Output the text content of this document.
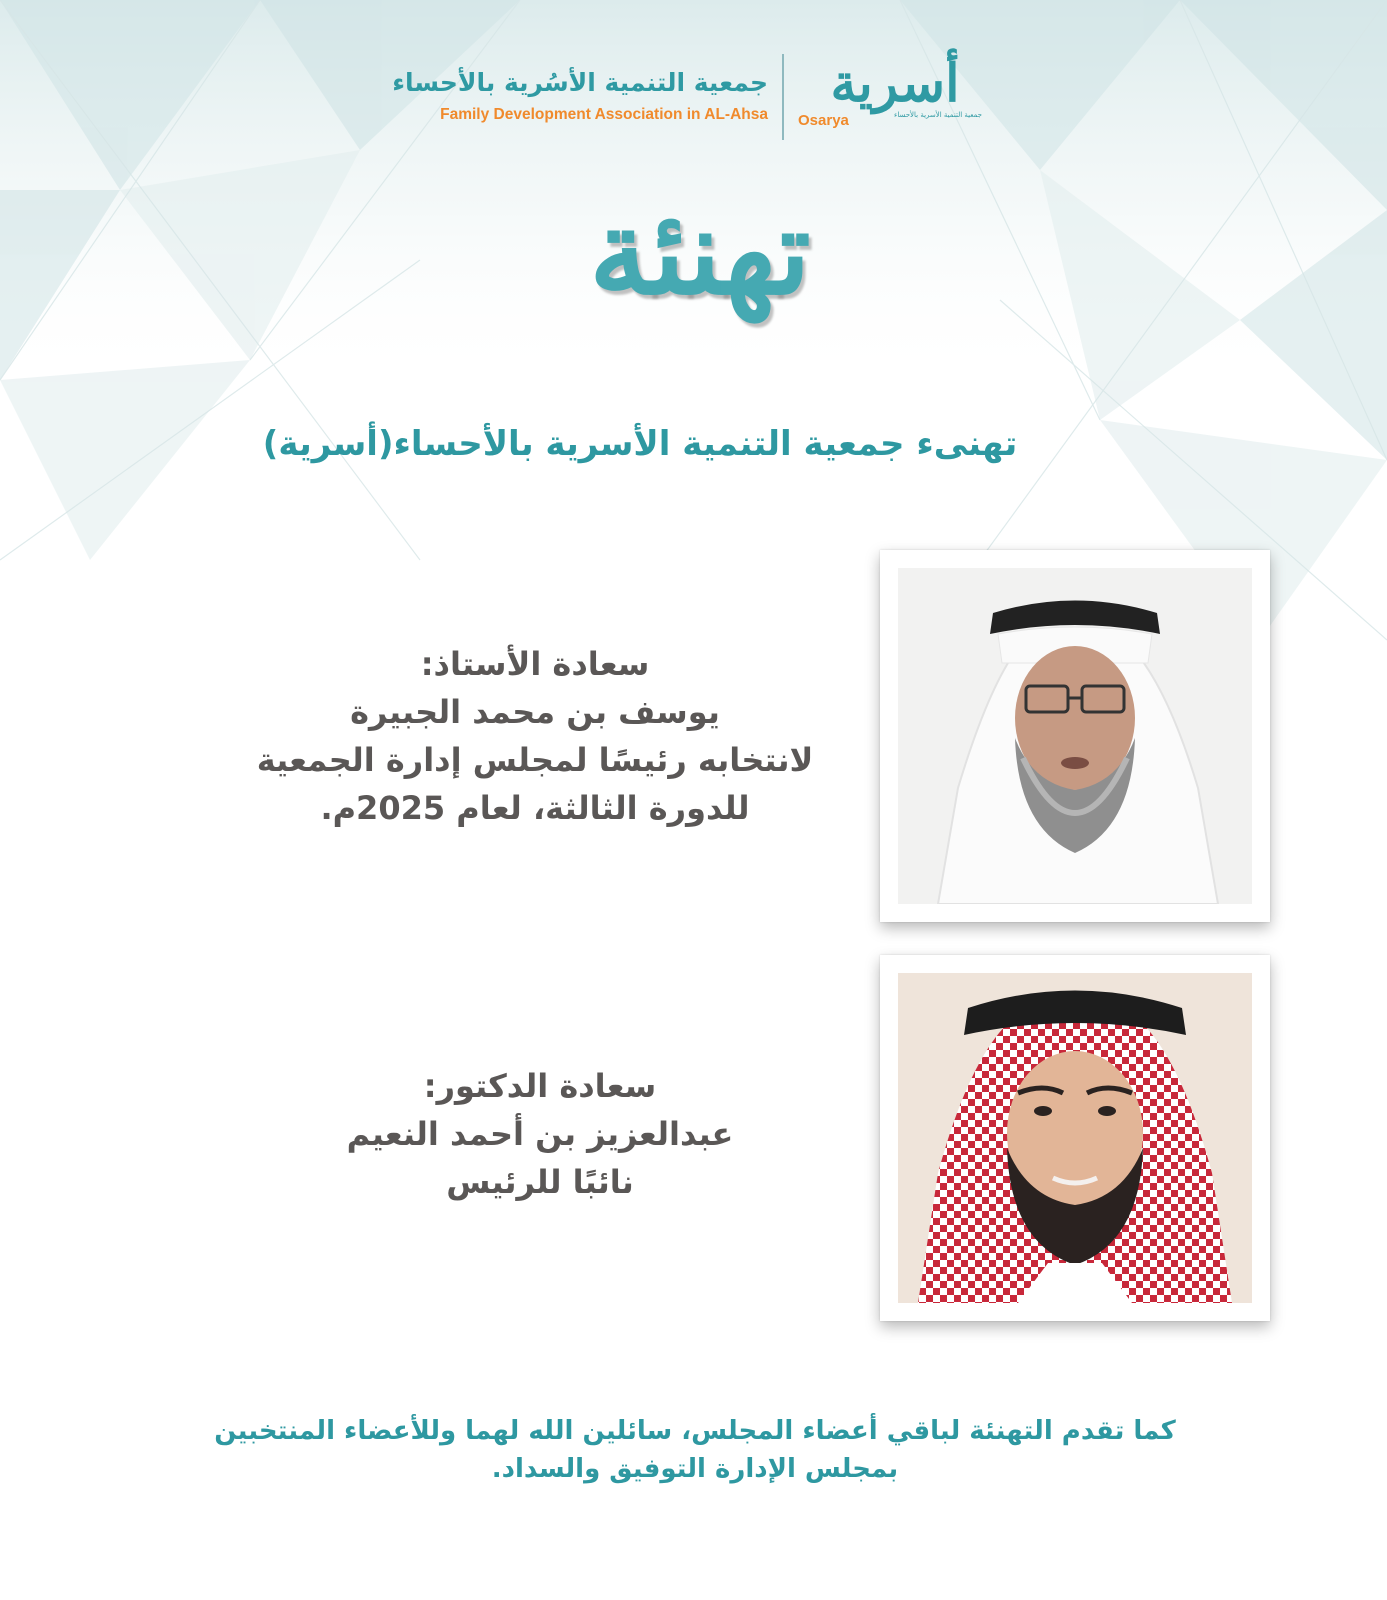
جمعية التنمية الأسُرية بالأحساء
Family Development Association in AL-Ahsa
أسرية
Osarya	جمعية التنمية الأسرية بالأحساء
تهنئة
تهنىء جمعية التنمية الأسرية بالأحساء(أسرية)
سعادة الأستاذ:
يوسف بن محمد الجبيرة
لانتخابه رئيسًا لمجلس إدارة الجمعية
للدورة الثالثة، لعام 2025م.
سعادة الدكتور:
عبدالعزيز بن أحمد النعيم
نائبًا للرئيس
كما تقدم التهنئة لباقي أعضاء المجلس، سائلين الله لهما وللأعضاء المنتخبين
بمجلس الإدارة التوفيق والسداد.
